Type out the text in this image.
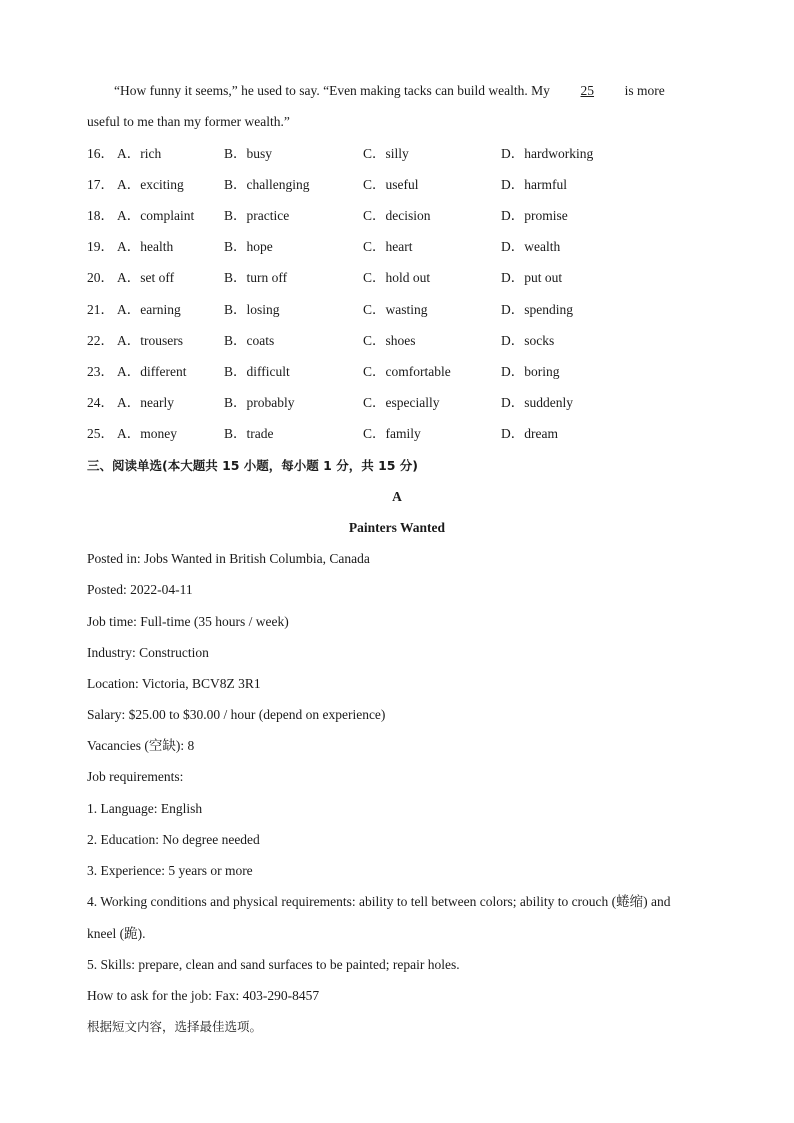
“How funny it seems,” he used to say. “Even making tacks can build wealth. My 25 is more
useful to me than my former wealth.”
16． A．rich	B．busy	C．silly	D．hardworking
17． A．exciting	B．challenging	C．useful	D．harmful
18． A．complaint B．practice	C．decision	D．promise
19． A．health	B．hope	C．heart	D．wealth
20． A．set off	B．turn off	C．hold out	D．put out
21． A．earning	B．losing	C．wasting	D．spending
22． A．trousers	B．coats	C．shoes	D．socks
23． A．different	B．difficult	C．comfortable	D．boring
24． A．nearly	B．probably	C．especially	D．suddenly
25． A．money	B．trade	C．family	D．dream
三、阅读单选(本大题共 15 小题，每小题 1 分，共 15 分)
A
Painters Wanted
Posted in: Jobs Wanted in British Columbia, Canada
Posted: 2022-04-11
Job time: Full-time (35 hours / week)
Industry: Construction
Location: Victoria, BCV8Z 3R1
Salary: $25.00 to $30.00 / hour (depend on experience)
Vacancies (空缺): 8
Job requirements:
1. Language: English
2. Education: No degree needed
3. Experience: 5 years or more
4. Working conditions and physical requirements: ability to tell between colors; ability to crouch (蜷缩) and
kneel (跪).
5. Skills: prepare, clean and sand surfaces to be painted; repair holes.
How to ask for the job: Fax: 403-290-8457
根据短文内容，选择最佳选项。
